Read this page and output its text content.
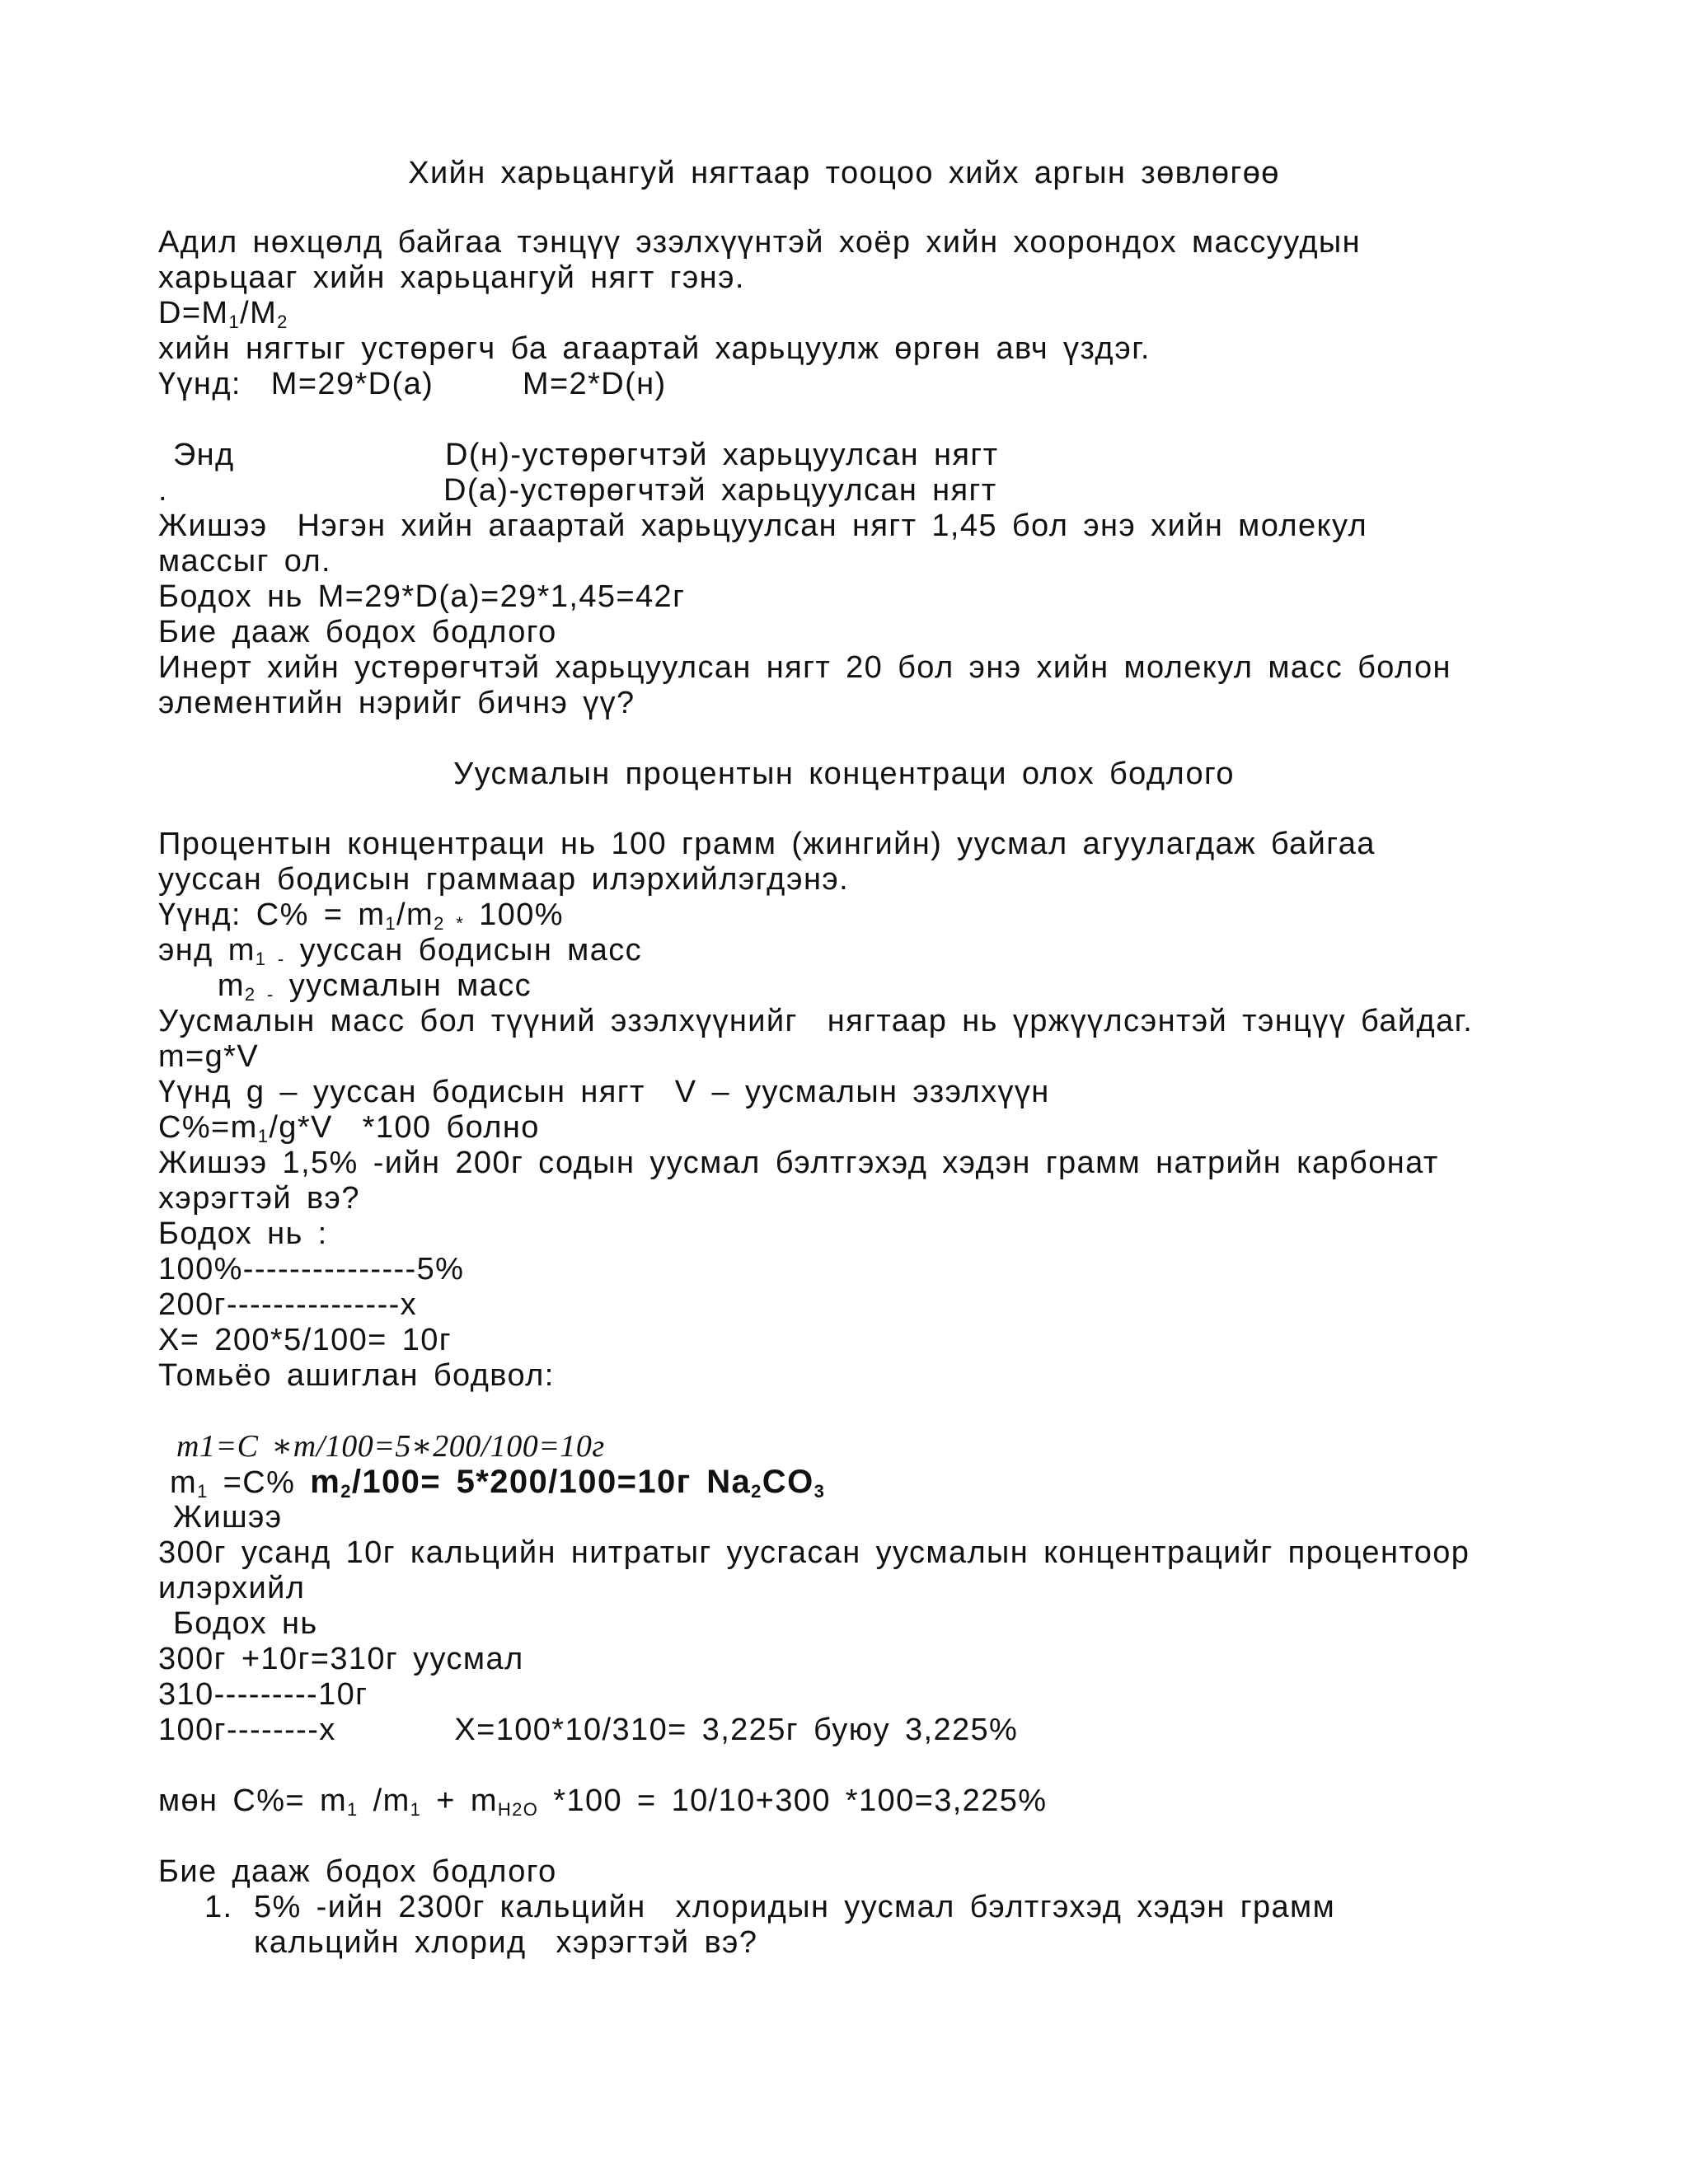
Хийн харьцангуй нягтаар тооцоо хийх аргын зөвлөгөө
Адил нөхцөлд байгаа тэнцүү эзэлхүүнтэй хоёр хийн хоорондох массуудын
харьцааг хийн харьцангуй нягт гэнэ.
$D=M_1/M_2$
хийн нягтыг устөрөгч ба агаартай харьцуулж өргөн авч үздэг.
Үүнд:  M=29*D(a)      M=2*D(н)
Энд	D(н)-устөрөгчтэй харьцуулсан нягт
.	D(а)-устөрөгчтэй харьцуулсан нягт
Жишээ  Нэгэн хийн агаартай харьцуулсан нягт 1,45 бол энэ хийн молекул
массыг ол.
Бодох нь M=29*D(a)=29*1,45=42г
Бие дааж бодох бодлого
Инерт хийн устөрөгчтэй харьцуулсан нягт 20 бол энэ хийн молекул масс болон
элементийн нэрийг бичнэ үү?
Уусмалын процентын концентраци олох бодлого
Процентын концентраци нь 100 грамм (жингийн) уусмал агуулагдаж байгаа
ууссан бодисын граммаар илэрхийлэгдэнэ.
Үүнд: $C\% = m_1/m_{2 *}$ 100%
энд $m_{1 -}$ ууссан бодисын масс
$m_{2 -}$ уусмалын масс
Уусмалын масс бол түүний эзэлхүүнийг  нягтаар нь үржүүлсэнтэй тэнцүү байдаг.
m=g*V
Үүнд g – ууссан бодисын нягт  V – уусмалын эзэлхүүн
$C\%=m_1/g*V$  *100 болно
Жишээ 1,5% -ийн 200г содын уусмал бэлтгэхэд хэдэн грамм натрийн карбонат
хэрэгтэй вэ?
Бодох нь :
100%---------------5%
200г---------------x
X= 200*5/100= 10г
Томьёо ашиглан бодвол:
m1=C ∗m/100=5∗200/100=10г
$m_1 =C\%$ $m_2/100= 5*200/100=10г$ $Na_2CO_3$
Жишээ
300г усанд 10г кальцийн нитратыг уусгасан уусмалын концентрацийг процентоор
илэрхийл
Бодох нь
300г +10г=310г уусмал
310---------10г
100г--------x        X=100*10/310= 3,225г буюу 3,225%
мөн $C\%= m_1$ $/m_1 + m_{H2O}$ *100 = 10/10+300 *100=3,225%
Бие дааж бодох бодлого
1. 5% -ийн 2300г кальцийн  хлоридын уусмал бэлтгэхэд хэдэн грамм
кальцийн хлорид  хэрэгтэй вэ?
